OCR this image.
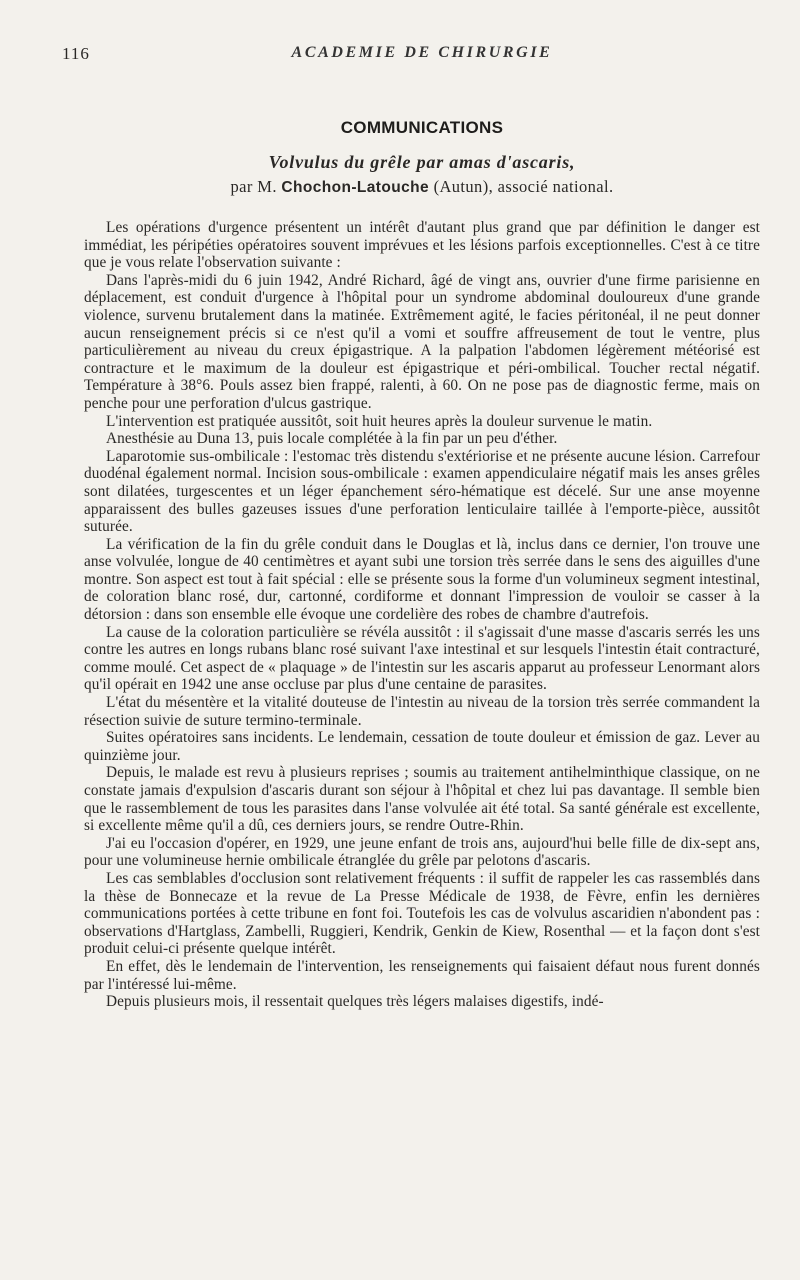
116	ACADEMIE DE CHIRURGIE
COMMUNICATIONS
Volvulus du grêle par amas d'ascaris,
par M. Chochon-Latouche (Autun), associé national.

Les opérations d'urgence présentent un intérêt d'autant plus grand que par définition le danger est immédiat, les péripéties opératoires souvent imprévues et les lésions parfois exceptionnelles. C'est à ce titre que je vous relate l'observation suivante :

Dans l'après-midi du 6 juin 1942, André Richard, âgé de vingt ans, ouvrier d'une firme parisienne en déplacement, est conduit d'urgence à l'hôpital pour un syndrome abdominal douloureux d'une grande violence, survenu brutalement dans la matinée. Extrêmement agité, le facies péritonéal, il ne peut donner aucun renseignement précis si ce n'est qu'il a vomi et souffre affreusement de tout le ventre, plus particulièrement au niveau du creux épigastrique. A la palpation l'abdomen légèrement météorisé est contracture et le maximum de la douleur est épigastrique et péri-ombilical. Toucher rectal négatif. Température à 38°6. Pouls assez bien frappé, ralenti, à 60. On ne pose pas de diagnostic ferme, mais on penche pour une perforation d'ulcus gastrique.

L'intervention est pratiquée aussitôt, soit huit heures après la douleur survenue le matin.

Anesthésie au Duna 13, puis locale complétée à la fin par un peu d'éther.

Laparotomie sus-ombilicale : l'estomac très distendu s'extériorise et ne présente aucune lésion. Carrefour duodénal également normal. Incision sous-ombilicale : examen appendiculaire négatif mais les anses grêles sont dilatées, turgescentes et un léger épanchement séro-hématique est décelé. Sur une anse moyenne apparaissent des bulles gazeuses issues d'une perforation lenticulaire taillée à l'emporte-pièce, aussitôt suturée.

La vérification de la fin du grêle conduit dans le Douglas et là, inclus dans ce dernier, l'on trouve une anse volvulée, longue de 40 centimètres et ayant subi une torsion très serrée dans le sens des aiguilles d'une montre. Son aspect est tout à fait spécial : elle se présente sous la forme d'un volumineux segment intestinal, de coloration blanc rosé, dur, cartonné, cordiforme et donnant l'impression de vouloir se casser à la détorsion : dans son ensemble elle évoque une cordelière des robes de chambre d'autrefois.

La cause de la coloration particulière se révéla aussitôt : il s'agissait d'une masse d'ascaris serrés les uns contre les autres en longs rubans blanc rosé suivant l'axe intestinal et sur lesquels l'intestin était contracturé, comme moulé. Cet aspect de « plaquage » de l'intestin sur les ascaris apparut au professeur Lenormant alors qu'il opérait en 1942 une anse occluse par plus d'une centaine de parasites.

L'état du mésentère et la vitalité douteuse de l'intestin au niveau de la torsion très serrée commandent la résection suivie de suture termino-terminale.

Suites opératoires sans incidents. Le lendemain, cessation de toute douleur et émission de gaz. Lever au quinzième jour.

Depuis, le malade est revu à plusieurs reprises ; soumis au traitement antihelminthique classique, on ne constate jamais d'expulsion d'ascaris durant son séjour à l'hôpital et chez lui pas davantage. Il semble bien que le rassemblement de tous les parasites dans l'anse volvulée ait été total. Sa santé générale est excellente, si excellente même qu'il a dû, ces derniers jours, se rendre Outre-Rhin.

J'ai eu l'occasion d'opérer, en 1929, une jeune enfant de trois ans, aujourd'hui belle fille de dix-sept ans, pour une volumineuse hernie ombilicale étranglée du grêle par pelotons d'ascaris.

Les cas semblables d'occlusion sont relativement fréquents : il suffit de rappeler les cas rassemblés dans la thèse de Bonnecaze et la revue de La Presse Médicale de 1938, de Fèvre, enfin les dernières communications portées à cette tribune en font foi. Toutefois les cas de volvulus ascaridien n'abondent pas : observations d'Hartglass, Zambelli, Ruggieri, Kendrik, Genkin de Kiew, Rosenthal — et la façon dont s'est produit celui-ci présente quelque intérêt.

En effet, dès le lendemain de l'intervention, les renseignements qui faisaient défaut nous furent donnés par l'intéressé lui-même.

Depuis plusieurs mois, il ressentait quelques très légers malaises digestifs, indé-
